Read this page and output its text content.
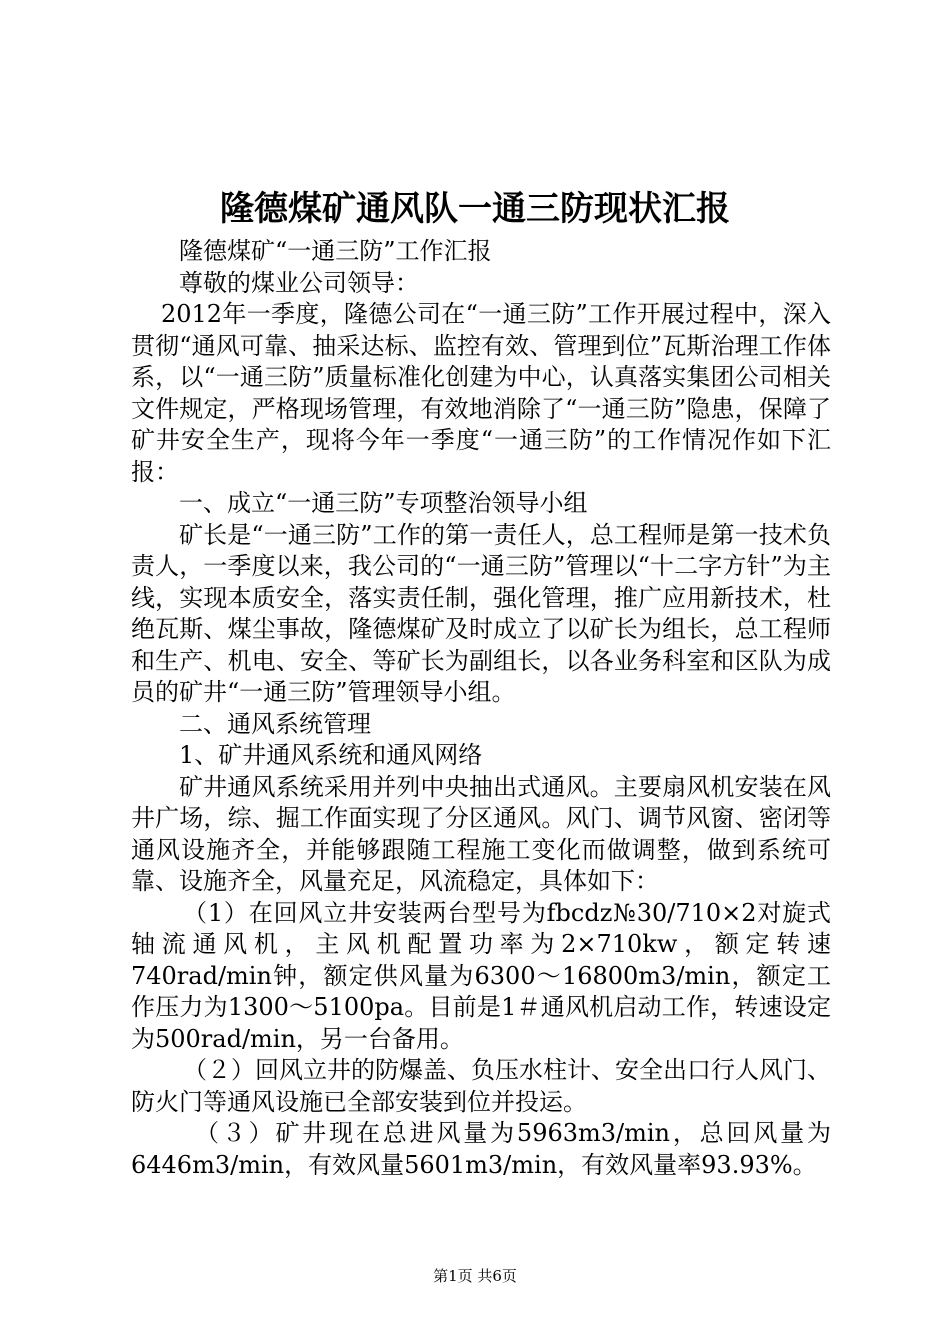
隆德煤矿通风队一通三防现状汇报

隆德煤矿“一通三防”工作汇报

尊敬的煤业公司领导：

2012年一季度，隆德公司在“一通三防”工作开展过程中，深入贯彻“通风可靠、抽采达标、监控有效、管理到位”瓦斯治理工作体系，以“一通三防”质量标准化创建为中心，认真落实集团公司相关文件规定，严格现场管理，有效地消除了“一通三防”隐患，保障了矿井安全生产，现将今年一季度“一通三防”的工作情况作如下汇报：

一、成立“一通三防”专项整治领导小组

矿长是“一通三防”工作的第一责任人，总工程师是第一技术负责人，一季度以来，我公司的“一通三防”管理以“十二字方针”为主线，实现本质安全，落实责任制，强化管理，推广应用新技术，杜绝瓦斯、煤尘事故，隆德煤矿及时成立了以矿长为组长，总工程师和生产、机电、安全、等矿长为副组长，以各业务科室和区队为成员的矿井“一通三防”管理领导小组。

二、通风系统管理

1、矿井通风系统和通风网络

矿井通风系统采用并列中央抽出式通风。主要扇风机安装在风井广场，综、掘工作面实现了分区通风。风门、调节风窗、密闭等通风设施齐全，并能够跟随工程施工变化而做调整，做到系统可靠、设施齐全，风量充足，风流稳定，具体如下：

（1）在回风立井安装两台型号为fbcdz№30/710×2对旋式轴流通风机，主风机配置功率为2×710kw，额定转速740rad/min钟，额定供风量为6300～16800m3/min，额定工作压力为1300～5100pa。目前是1＃通风机启动工作，转速设定为500rad/min，另一台备用。

（２）回风立井的防爆盖、负压水柱计、安全出口行人风门、防火门等通风设施已全部安装到位并投运。

（３）矿井现在总进风量为5963m3/min，总回风量为6446m3/min，有效风量5601m3/min，有效风量率93.93%。

第1页 共6页
